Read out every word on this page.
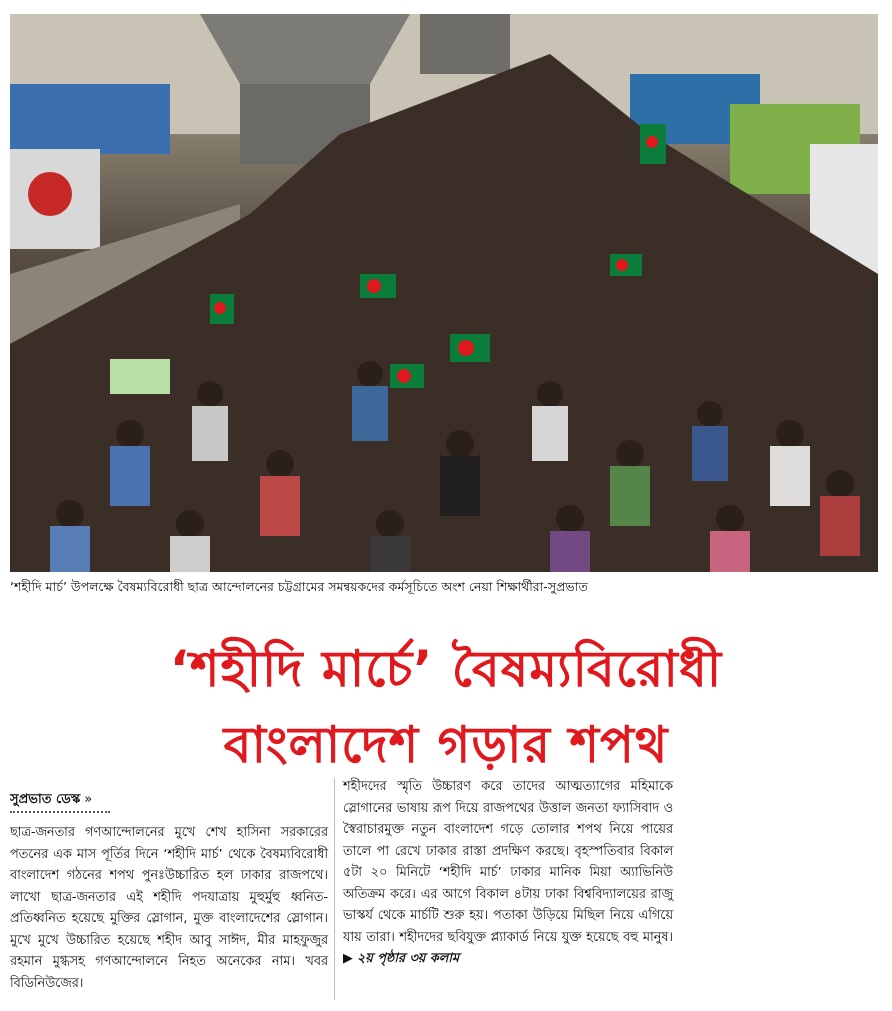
‘শহীদি মার্চ’ উপলক্ষে বৈষম্যবিরোধী ছাত্র আন্দোলনের চট্টগ্রামের সমন্বয়কদের কর্মসূচিতে অংশ নেয়া শিক্ষার্থীরা-সুপ্রভাত
‘শহীদি মার্চে’ বৈষম্যবিরোধী
বাংলাদেশ গড়ার শপথ
সুপ্রভাত ডেস্ক »
ছাত্র-জনতার গণআন্দোলনের মুখে শেখ হাসিনা সরকারের পতনের এক মাস পূর্তির দিনে ‘শহীদি মার্চ’ থেকে বৈষম্যবিরোধী বাংলাদেশ গঠনের শপথ পুনঃউচ্চারিত হল ঢাকার রাজপথে। লাখো ছাত্র-জনতার এই শহীদি পদযাত্রায় মুহুর্মুহু ধ্বনিত-প্রতিধ্বনিত হয়েছে মুক্তির স্লোগান, মুক্ত বাংলাদেশের স্লোগান। মুখে মুখে উচ্চারিত হয়েছে শহীদ আবু সাঈদ, মীর মাহফুজুর রহমান মুগ্ধসহ গণআন্দোলনে নিহত অনেকের নাম। খবর বিডিনিউজের।
শহীদদের স্মৃতি উচ্চারণ করে তাদের আত্মত্যাগের মহিমাকে স্লোগানের ভাষায় রূপ দিয়ে রাজপথের উত্তাল জনতা ফ্যাসিবাদ ও স্বৈরাচারমুক্ত নতুন বাংলাদেশ গড়ে তোলার শপথ নিয়ে পায়ের তালে পা রেখে ঢাকার রাস্তা প্রদক্ষিণ করছে। বৃহস্পতিবার বিকাল ৫টা ২০ মিনিটে ‘শহীদি মার্চ’ ঢাকার মানিক মিয়া অ্যাভিনিউ অতিক্রম করে। এর আগে বিকাল ৪টায় ঢাকা বিশ্ববিদ্যালয়ের রাজু ভাস্কর্য থেকে মার্চটি শুরু হয়। পতাকা উড়িয়ে মিছিল নিয়ে এগিয়ে যায় তারা। শহীদদের ছবিযুক্ত প্ল্যাকার্ড নিয়ে যুক্ত হয়েছে বহু মানুষ। ▶ ২য় পৃষ্ঠার ৩য় কলাম
